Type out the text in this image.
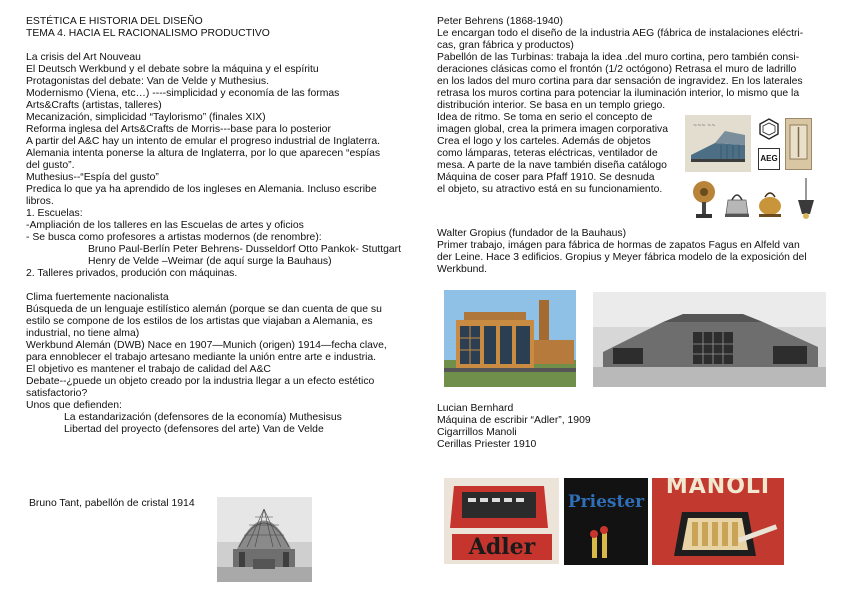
ESTÉTICA E HISTORIA DEL DISEÑO
TEMA 4. HACIA EL RACIONALISMO PRODUCTIVO
La crisis del Art Nouveau
El Deutsch Werkbund y el debate sobre la máquina y el espíritu
Protagonistas del debate: Van de Velde y Muthesius.
Modernismo (Viena, etc…) ----simplicidad y economía de las formas
Arts&Crafts (artistas, talleres)
Mecanización, simplicidad “Taylorismo” (finales XIX)
Reforma inglesa del Arts&Crafts de Morris---base para lo posterior
A partir del A&C hay un intento de emular el progreso industrial de Inglaterra.
Alemania intenta ponerse la altura de Inglaterra, por lo que aparecen “espías
del gusto”.
Muthesius--“Espía del gusto”
Predica lo que ya ha aprendido de los ingleses en Alemania. Incluso escribe
libros.
1. Escuelas:
-Ampliación de los talleres en las Escuelas de artes y oficios
- Se busca como profesores a artistas modernos (de renombre):
Bruno Paul-Berlín Peter Behrens- Dusseldorf Otto Pankok- Stuttgart
Henry de Velde –Weimar (de aquí surge la Bauhaus)
2. Talleres privados, produción con máquinas.
Clima fuertemente nacionalista
Búsqueda de un lenguaje estilístico alemán (porque se dan cuenta de que su
estilo se compone de los estilos de los artistas que viajaban a Alemania, es
industrial, no tiene alma)
Werkbund Alemán (DWB) Nace en 1907—Munich (origen) 1914—fecha clave,
para ennoblecer el trabajo artesano mediante la unión entre arte e industria.
El objetivo es mantener el trabajo de calidad del A&C
Debate--¿puede un objeto creado por la industria llegar a un efecto estético
satisfactorio?
Unos que defienden:
La estandarización (defensores de la economía) Muthesisus
Libertad del proyecto (defensores del arte) Van de Velde
Bruno Tant, pabellón de cristal 1914
Peter Behrens (1868-1940)
Le encargan todo el diseño de la industria AEG (fábrica de instalaciones eléctri-
cas, gran fábrica y productos)
Pabellón de las Turbinas: trabaja la idea .del muro cortina, pero también consi-
deraciones clásicas como el frontón (1/2 octógono) Retrasa el muro de ladrillo
en los lados del muro cortina para dar sensación de ingravidez. En los laterales
retrasa los muros cortina para potenciar la iluminación interior, lo mismo que la
distribución interior. Se basa en un templo griego.
Idea de ritmo. Se toma en serio el concepto de
imagen global, crea la primera imagen corporativa
Crea el logo y los carteles. Además de objetos
como lámparas, teteras eléctricas, ventilador de
mesa. A parte de la nave también diseña catálogo
Máquina de coser para Pfaff 1910. Se desnuda
el objeto, su atractivo está en su funcionamiento.
~~~ ~~
AEG
Walter Gropius (fundador de la Bauhaus)
Primer trabajo, imágen para fábrica de hormas de zapatos Fagus en Alfeld van
der Leine. Hace 3 edificios. Gropius y Meyer fábrica modelo de la exposición del
Werkbund.
Lucian Bernhard
Máquina de escribir “Adler”, 1909
Cigarrillos Manoli
Cerillas Priester 1910
Adler
Priester
MANOLI
